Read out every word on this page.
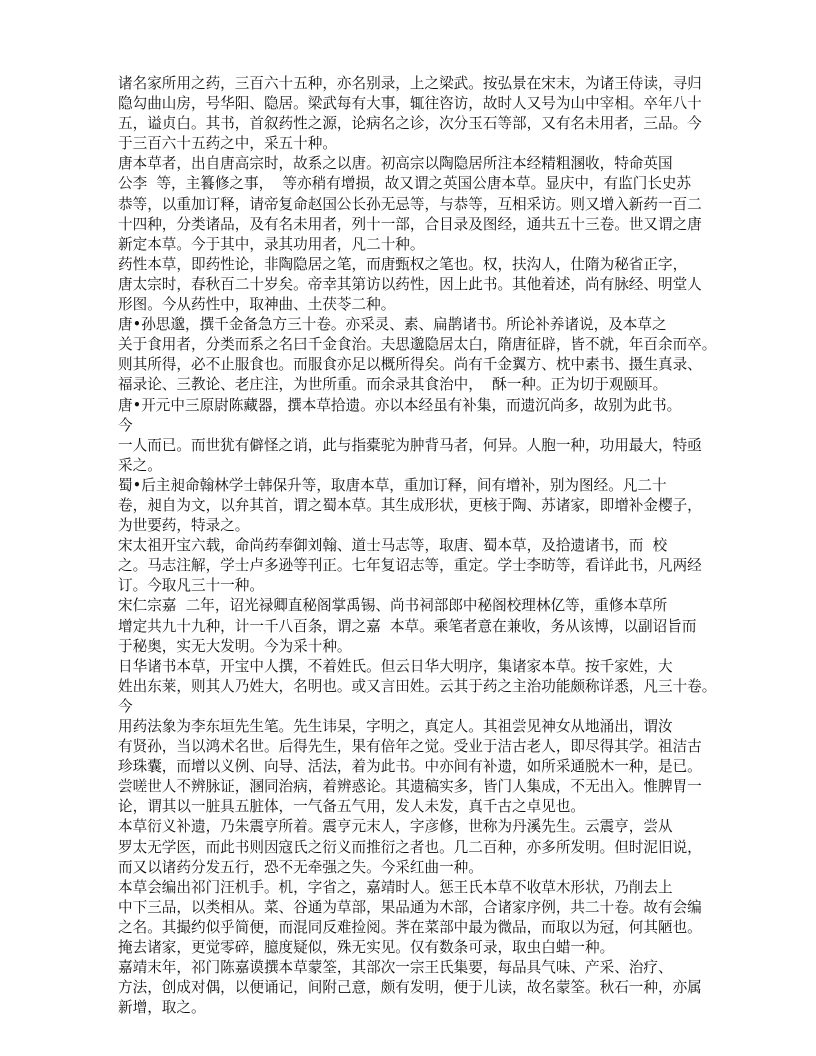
诸名家所用之药，三百六十五种，亦名别录，上之梁武。按弘景在宋末，为诸王侍读，寻归
隐勾曲山房，号华阳、隐居。梁武每有大事，辄往咨访，故时人又号为山中宰相。卒年八十
五，谥贞白。其书，首叙药性之源，论病名之诊，次分玉石等部，又有名未用者，三品。今
于三百六十五药之中，采五十种。
唐本草者，出自唐高宗时，故系之以唐。初高宗以陶隐居所注本经精粗溷收，特命英国
公李  等，主籑修之事，  等亦稍有增损，故又谓之英国公唐本草。显庆中，有监门长史苏
恭等，以重加订释，请帝复命赵国公长孙无忌等，与恭等，互相采访。则又增入新药一百二
十四种，分类诸品，及有名未用者，列十一部，合目录及图经，通共五十三卷。世又谓之唐
新定本草。今于其中，录其功用者，凡二十种。
药性本草，即药性论，非陶隐居之笔，而唐甄权之笔也。权，扶沟人，仕隋为秘省正字，
唐太宗时，春秋百二十岁矣。帝幸其第访以药性，因上此书。其他着述，尚有脉经、明堂人
形图。今从药性中，取神曲、土茯苓二种。
唐•孙思邈，撰千金备急方三十卷。亦采灵、素、扁鹊诸书。所论补养诸说，及本草之
关于食用者，分类而系之名曰千金食治。夫思邈隐居太白，隋唐征辟，皆不就，年百余而卒。
则其所得，必不止服食也。而服食亦足以概所得矣。尚有千金翼方、枕中素书、摄生真录、
福录论、三教论、老庄注，为世所重。而余录其食治中，  酥一种。正为切于观颐耳。
唐•开元中三原尉陈藏器，撰本草拾遗。亦以本经虽有补集，而遗沉尚多，故别为此书。
今
一人而已。而世犹有僻怪之诮，此与指橐驼为肿背马者，何异。人胞一种，功用最大，特亟
采之。
蜀•后主昶命翰林学士韩保升等，取唐本草，重加订释，间有增补，别为图经。凡二十
卷，昶自为文，以弁其首，谓之蜀本草。其生成形状，更核于陶、苏诸家，即增补金樱子，
为世要药，特录之。
宋太祖开宝六载，命尚药奉御刘翰、道士马志等，取唐、蜀本草，及拾遗诸书，而  校
之。马志注解，学士卢多逊等刊正。七年复诏志等，重定。学士李昉等，看详此书，凡两经
订。今取凡三十一种。
宋仁宗嘉  二年，诏光禄卿直秘阁掌禹锡、尚书祠部郎中秘阁校理林亿等，重修本草所
增定共九十九种，计一千八百条，谓之嘉  本草。乘笔者意在兼收，务从该博，以副诏旨而
于秘奥，实无大发明。今为采十种。
日华诸书本草，开宝中人撰，不着姓氏。但云日华大明序，集诸家本草。按千家姓，大
姓出东莱，则其人乃姓大，名明也。或又言田姓。云其于药之主治功能颇称详悉，凡三十卷。
今
用药法象为李东垣先生笔。先生讳杲，字明之，真定人。其祖尝见神女从地涌出，谓汝
有贤孙，当以鸿术名世。后得先生，果有倍年之觉。受业于洁古老人，即尽得其学。祖洁古
珍珠囊，而增以义例、向导、活法，着为此书。中亦间有补遗，如所采通脱木一种，是已。
尝嗟世人不辨脉证，溷同治病，着辨惑论。其遗稿实多，皆门人集成，不无出入。惟脾胃一
论，谓其以一脏具五脏体，一气备五气用，发人未发，真千古之卓见也。
本草衍义补遗，乃朱震亨所着。震亨元末人，字彦修，世称为丹溪先生。云震亨，尝从
罗太无学医，而此书则因寇氏之衍义而推衍之者也。几二百种，亦多所发明。但时泥旧说，
而又以诸药分发五行，恐不无牵强之失。今采红曲一种。
本草会编出祁门汪机手。机，字省之，嘉靖时人。惩王氏本草不收草木形状，乃削去上
中下三品，以类相从。菜、谷通为草部，果品通为木部，合诸家序例，共二十卷。故有会编
之名。其撮约似乎简便，而混同反难捡阅。荠在菜部中最为微品，而取以为冠，何其陋也。
掩去诸家，更觉零碎，臆度疑似，殊无实见。仅有数条可录，取虫白蜡一种。
嘉靖末年，祁门陈嘉谟撰本草蒙筌，其部次一宗王氏集要，每品具气味、产采、治疗、
方法，创成对偶，以便诵记，间附己意，颇有发明，便于儿读，故名蒙筌。秋石一种，亦属
新增，取之。
